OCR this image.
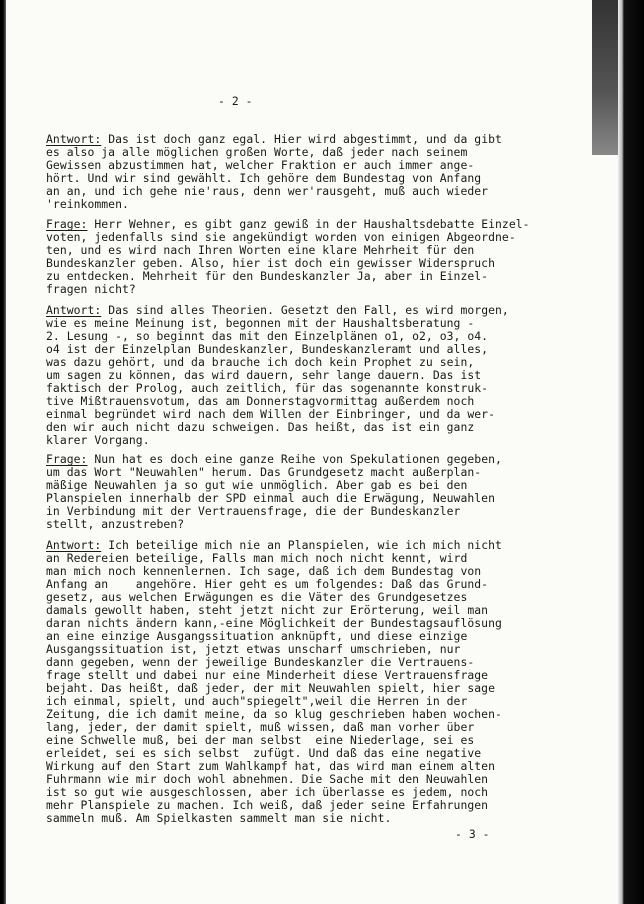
- 2 -
Antwort: Das ist doch ganz egal. Hier wird abgestimmt, und da gibt
es also ja alle möglichen großen Worte, daß jeder nach seinem
Gewissen abzustimmen hat, welcher Fraktion er auch immer ange-
hört. Und wir sind gewählt. Ich gehöre dem Bundestag von Anfang
an an, und ich gehe nie'raus, denn wer'rausgeht, muß auch wieder
'reinkommen.
Frage: Herr Wehner, es gibt ganz gewiß in der Haushaltsdebatte Einzel-
voten, jedenfalls sind sie angekündigt worden von einigen Abgeordne-
ten, und es wird nach Ihren Worten eine klare Mehrheit für den
Bundeskanzler geben. Also, hier ist doch ein gewisser Widerspruch
zu entdecken. Mehrheit für den Bundeskanzler Ja, aber in Einzel-
fragen nicht?
Antwort: Das sind alles Theorien. Gesetzt den Fall, es wird morgen,
wie es meine Meinung ist, begonnen mit der Haushaltsberatung -
2. Lesung -, so beginnt das mit den Einzelplänen o1, o2, o3, o4.
o4 ist der Einzelplan Bundeskanzler, Bundeskanzleramt und alles,
was dazu gehört, und da brauche ich doch kein Prophet zu sein,
um sagen zu können, das wird dauern, sehr lange dauern. Das ist
faktisch der Prolog, auch zeitlich, für das sogenannte konstruk-
tive Mißtrauensvotum, das am Donnerstagvormittag außerdem noch
einmal begründet wird nach dem Willen der Einbringer, und da wer-
den wir auch nicht dazu schweigen. Das heißt, das ist ein ganz
klarer Vorgang.
Frage: Nun hat es doch eine ganze Reihe von Spekulationen gegeben,
um das Wort "Neuwahlen" herum. Das Grundgesetz macht außerplan-
mäßige Neuwahlen ja so gut wie unmöglich. Aber gab es bei den
Planspielen innerhalb der SPD einmal auch die Erwägung, Neuwahlen
in Verbindung mit der Vertrauensfrage, die der Bundeskanzler
stellt, anzustreben?
Antwort: Ich beteilige mich nie an Planspielen, wie ich mich nicht
an Redereien beteilige, Falls man mich noch nicht kennt, wird
man mich noch kennenlernen. Ich sage, daß ich dem Bundestag von
Anfang an    angehöre. Hier geht es um folgendes: Daß das Grund-
gesetz, aus welchen Erwägungen es die Väter des Grundgesetzes
damals gewollt haben, steht jetzt nicht zur Erörterung, weil man
daran nichts ändern kann,-eine Möglichkeit der Bundestagsauflösung
an eine einzige Ausgangssituation anknüpft, und diese einzige
Ausgangssituation ist, jetzt etwas unscharf umschrieben, nur
dann gegeben, wenn der jeweilige Bundeskanzler die Vertrauens-
frage stellt und dabei nur eine Minderheit diese Vertrauensfrage
bejaht. Das heißt, daß jeder, der mit Neuwahlen spielt, hier sage
ich einmal, spielt, und auch"spiegelt",weil die Herren in der
Zeitung, die ich damit meine, da so klug geschrieben haben wochen-
lang, jeder, der damit spielt, muß wissen, daß man vorher über
eine Schwelle muß, bei der man selbst  eine Niederlage, sei es
erleidet, sei es sich selbst  zufügt. Und daß das eine negative
Wirkung auf den Start zum Wahlkampf hat, das wird man einem alten
Fuhrmann wie mir doch wohl abnehmen. Die Sache mit den Neuwahlen
ist so gut wie ausgeschlossen, aber ich überlasse es jedem, noch
mehr Planspiele zu machen. Ich weiß, daß jeder seine Erfahrungen
sammeln muß. Am Spielkasten sammelt man sie nicht.
- 3 -
